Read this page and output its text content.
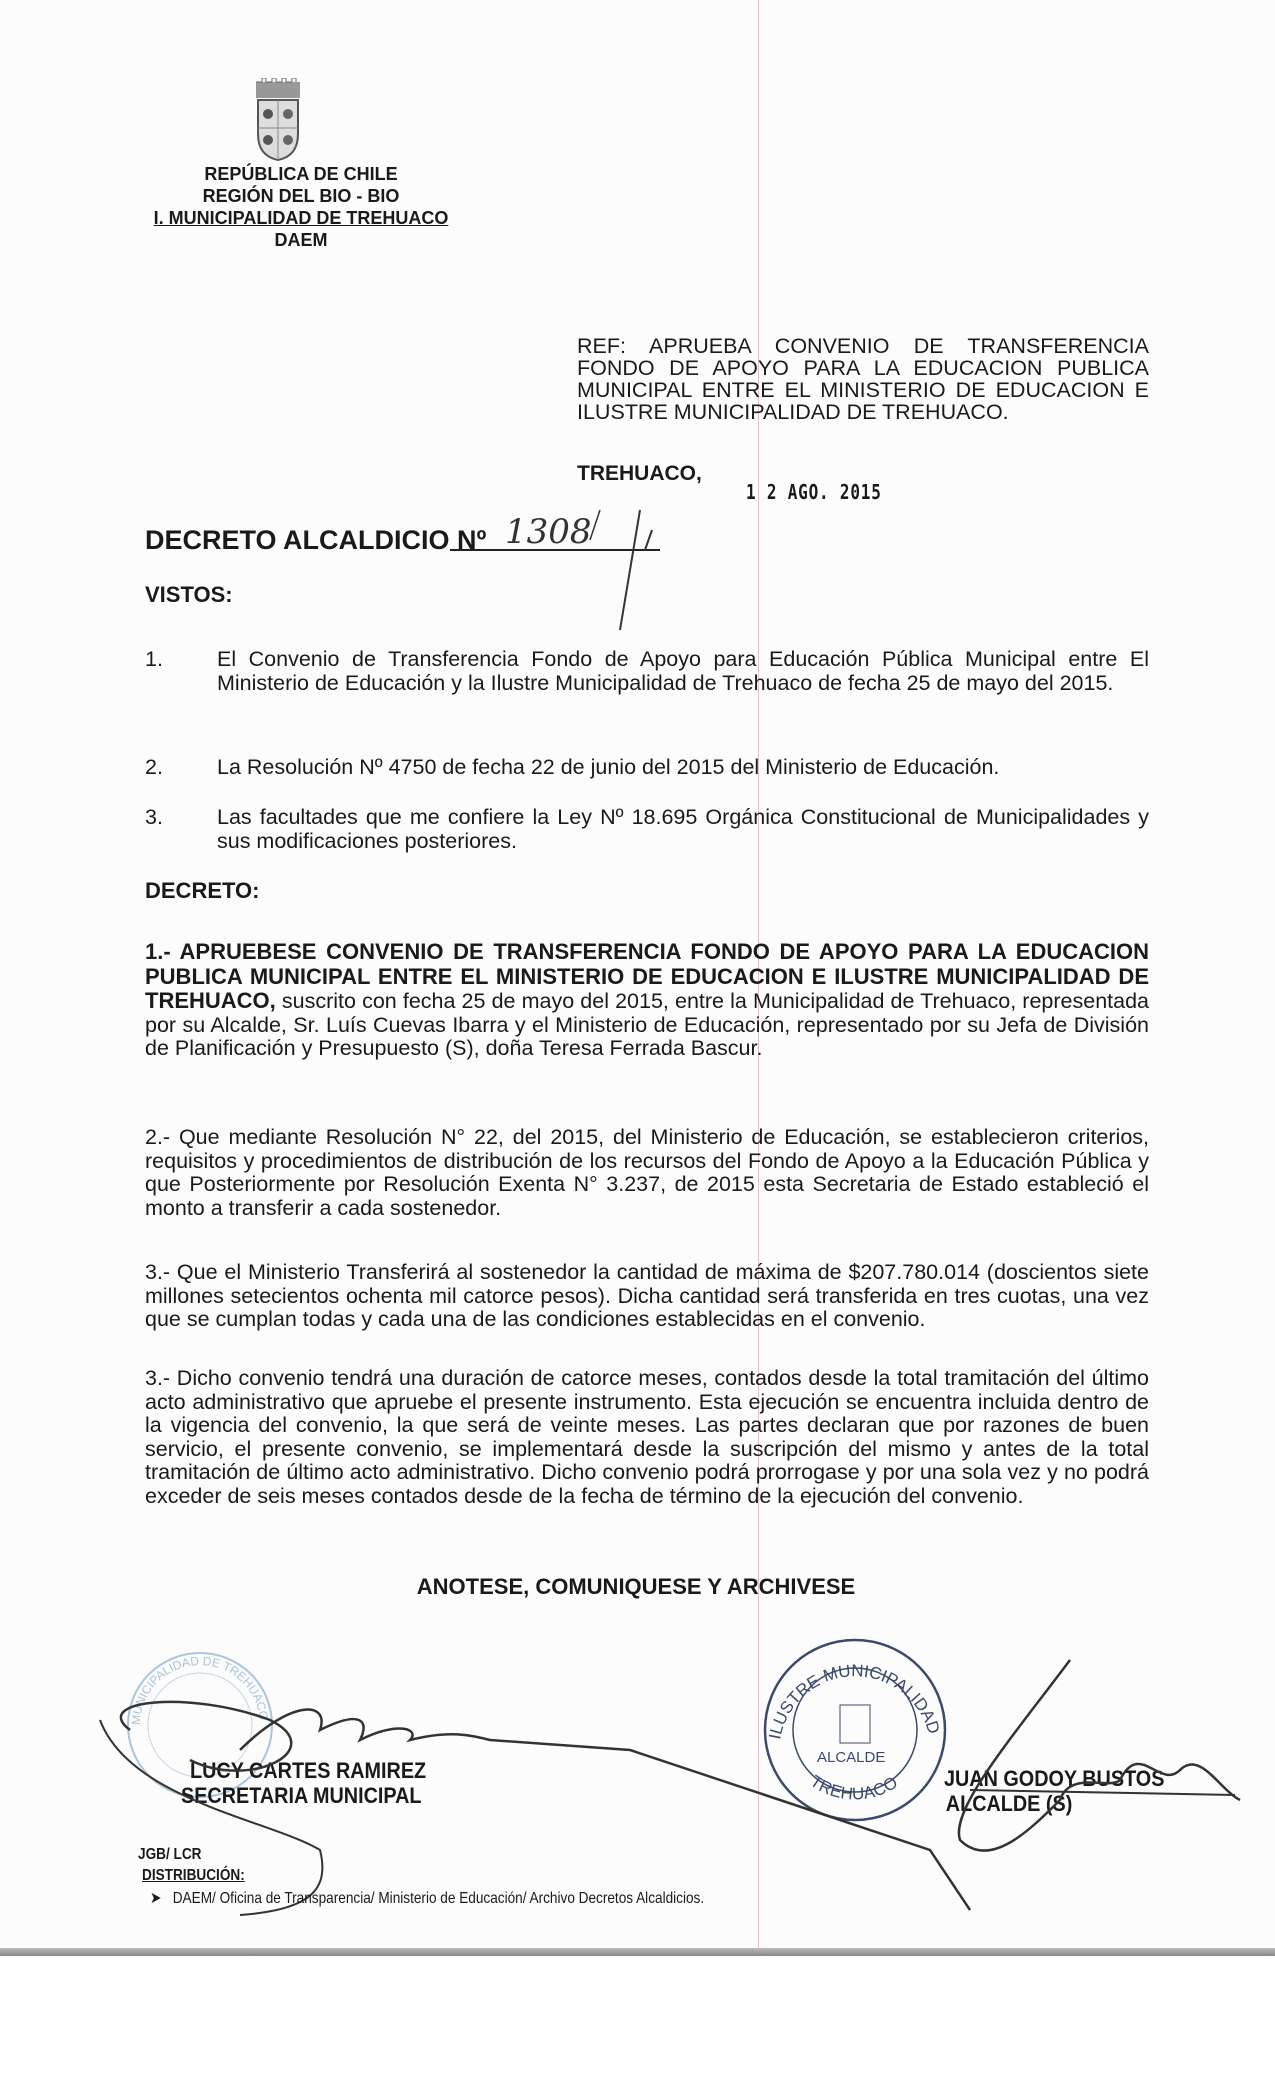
REPÚBLICA DE CHILE
REGIÓN DEL BIO - BIO
I. MUNICIPALIDAD DE TREHUACO
DAEM
REF: APRUEBA CONVENIO DE TRANSFERENCIA FONDO DE APOYO PARA LA EDUCACION PUBLICA MUNICIPAL ENTRE EL MINISTERIO DE EDUCACION E ILUSTRE MUNICIPALIDAD DE TREHUACO.
TREHUACO,
1 2 AGO. 2015
DECRETO ALCALDICIO Nº 1308
VISTOS:
1.	El Convenio de Transferencia Fondo de Apoyo para Educación Pública Municipal entre El Ministerio de Educación y la Ilustre Municipalidad de Trehuaco de fecha 25 de mayo del 2015.
2.	La Resolución Nº 4750 de fecha 22 de junio del 2015 del Ministerio de Educación.
3.	Las facultades que me confiere la Ley Nº 18.695 Orgánica Constitucional de Municipalidades y sus modificaciones posteriores.
DECRETO:
1.- APRUEBESE CONVENIO DE TRANSFERENCIA FONDO DE APOYO PARA LA EDUCACION PUBLICA MUNICIPAL ENTRE EL MINISTERIO DE EDUCACION E ILUSTRE MUNICIPALIDAD DE TREHUACO, suscrito con fecha 25 de mayo del 2015, entre la Municipalidad de Trehuaco, representada por su Alcalde, Sr. Luís Cuevas Ibarra y el Ministerio de Educación, representado por su Jefa de División de Planificación y Presupuesto (S), doña Teresa Ferrada Bascur.
2.- Que mediante Resolución N° 22, del 2015, del Ministerio de Educación, se establecieron criterios, requisitos y procedimientos de distribución de los recursos del Fondo de Apoyo a la Educación Pública y que Posteriormente por Resolución Exenta N° 3.237, de 2015 esta Secretaria de Estado estableció el monto a transferir a cada sostenedor.
3.- Que el Ministerio Transferirá al sostenedor la cantidad de máxima de $207.780.014 (doscientos siete millones setecientos ochenta mil catorce pesos). Dicha cantidad será transferida en tres cuotas, una vez que se cumplan todas y cada una de las condiciones establecidas en el convenio.
3.- Dicho convenio tendrá una duración de catorce meses, contados desde la total tramitación del último acto administrativo que apruebe el presente instrumento. Esta ejecución se encuentra incluida dentro de la vigencia del convenio, la que será de veinte meses. Las partes declaran que por razones de buen servicio, el presente convenio, se implementará desde la suscripción del mismo y antes de la total tramitación de último acto administrativo. Dicho convenio podrá prorrogase y por una sola vez y no podrá exceder de seis meses contados desde de la fecha de término de la ejecución del convenio.
ANOTESE, COMUNIQUESE Y ARCHIVESE
MUNICIPALIDAD DE TREHUACO
ILUSTRE MUNICIPALIDAD
TREHUACO
ALCALDE
LUCY CARTES RAMIREZ
SECRETARIA MUNICIPAL
JUAN GODOY BUSTOS
ALCALDE (S)
JGB/ LCR
DISTRIBUCIÓN:
➤ DAEM/ Oficina de Transparencia/ Ministerio de Educación/ Archivo Decretos Alcaldicios.
